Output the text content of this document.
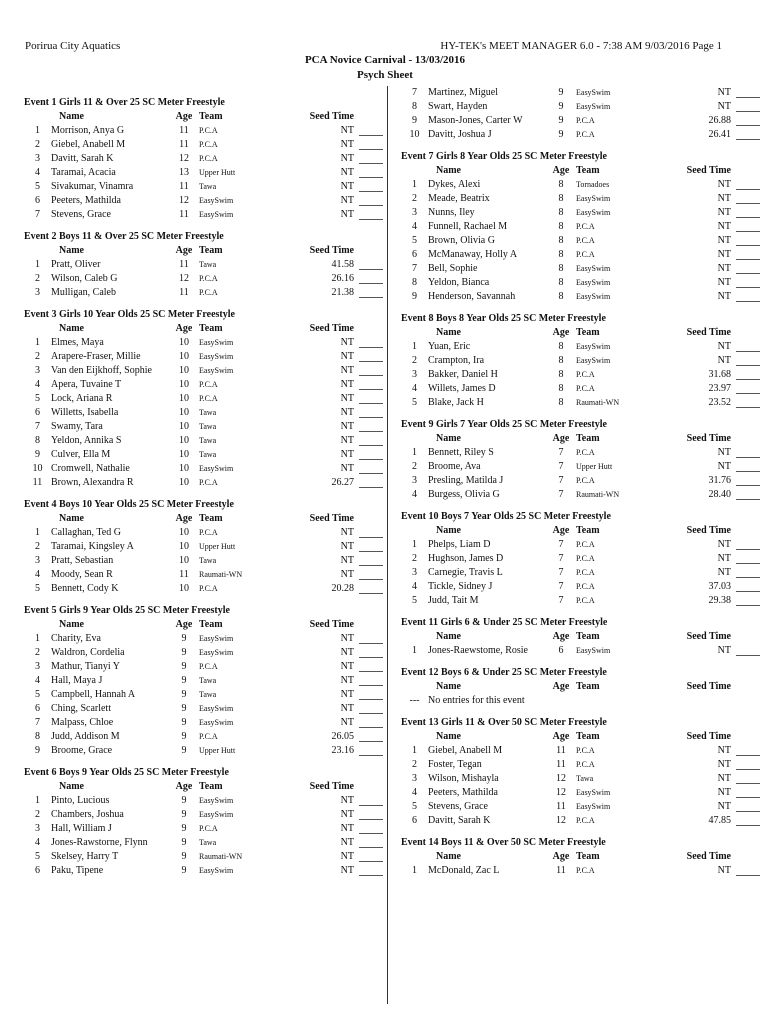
Porirua City Aquatics	HY-TEK's MEET MANAGER 6.0 - 7:38 AM 9/03/2016 Page 1
PCA Novice Carnival - 13/03/2016
Psych Sheet
Event 1 Girls 11 & Over 25 SC Meter Freestyle
Name	Age Team	Seed Time
1	Morrison, Anya G	11	P.C.A	NT
2	Giebel, Anabell M	11	P.C.A	NT
3	Davitt, Sarah K	12	P.C.A	NT
4	Taramai, Acacia	13	Upper Hutt	NT
5	Sivakumar, Vinamra	11	Tawa	NT
6	Peeters, Mathilda	12	EasySwim	NT
7	Stevens, Grace	11	EasySwim	NT
Event 2 Boys 11 & Over 25 SC Meter Freestyle
Name	Age Team	Seed Time
1	Pratt, Oliver	11	Tawa	41.58
2	Wilson, Caleb G	12	P.C.A	26.16
3	Mulligan, Caleb	11	P.C.A	21.38
Event 3 Girls 10 Year Olds 25 SC Meter Freestyle
Name	Age Team	Seed Time
1	Elmes, Maya	10	EasySwim	NT
2	Arapere-Fraser, Millie	10	EasySwim	NT
3	Van den Eijkhoff, Sophie	10	EasySwim	NT
4	Apera, Tuvaine T	10	P.C.A	NT
5	Lock, Ariana R	10	P.C.A	NT
6	Willetts, Isabella	10	Tawa	NT
7	Swamy, Tara	10	Tawa	NT
8	Yeldon, Annika S	10	Tawa	NT
9	Culver, Ella M	10	Tawa	NT
10 Cromwell, Nathalie	10	EasySwim	NT
11 Brown, Alexandra R	10	P.C.A	26.27
Event 4 Boys 10 Year Olds 25 SC Meter Freestyle
Name	Age Team	Seed Time
1	Callaghan, Ted G	10	P.C.A	NT
2	Taramai, Kingsley A	10	Upper Hutt	NT
3	Pratt, Sebastian	10	Tawa	NT
4	Moody, Sean R	11	Raumati-WN	NT
5	Bennett, Cody K	10	P.C.A	20.28
Event 5 Girls 9 Year Olds 25 SC Meter Freestyle
Name	Age Team	Seed Time
1	Charity, Eva	9	EasySwim	NT
2	Waldron, Cordelia	9	EasySwim	NT
3	Mathur, Tianyi Y	9	P.C.A	NT
4	Hall, Maya J	9	Tawa	NT
5	Campbell, Hannah A	9	Tawa	NT
6	Ching, Scarlett	9	EasySwim	NT
7	Malpass, Chloe	9	EasySwim	NT
8	Judd, Addison M	9	P.C.A	26.05
9	Broome, Grace	9	Upper Hutt	23.16
Event 6 Boys 9 Year Olds 25 SC Meter Freestyle
Name	Age Team	Seed Time
1	Pinto, Lucious	9	EasySwim	NT
2	Chambers, Joshua	9	EasySwim	NT
3	Hall, William J	9	P.C.A	NT
4	Jones-Rawstorne, Flynn	9	Tawa	NT
5	Skelsey, Harry T	9	Raumati-WN	NT
6	Paku, Tipene	9	EasySwim	NT
7	Martinez, Miguel	9	EasySwim	NT
8	Swart, Hayden	9	EasySwim	NT
9	Mason-Jones, Carter W	9	P.C.A	26.88
10 Davitt, Joshua J	9	P.C.A	26.41
Event 7 Girls 8 Year Olds 25 SC Meter Freestyle
Name	Age Team	Seed Time
1	Dykes, Alexi	8	Tornadoes	NT
2	Meade, Beatrix	8	EasySwim	NT
3	Nunns, Iley	8	EasySwim	NT
4	Funnell, Rachael M	8	P.C.A	NT
5	Brown, Olivia G	8	P.C.A	NT
6	McManaway, Holly A	8	P.C.A	NT
7	Bell, Sophie	8	EasySwim	NT
8	Yeldon, Bianca	8	EasySwim	NT
9	Henderson, Savannah	8	EasySwim	NT
Event 8 Boys 8 Year Olds 25 SC Meter Freestyle
Name	Age Team	Seed Time
1	Yuan, Eric	8	EasySwim	NT
2	Crampton, Ira	8	EasySwim	NT
3	Bakker, Daniel H	8	P.C.A	31.68
4	Willets, James D	8	P.C.A	23.97
5	Blake, Jack H	8	Raumati-WN	23.52
Event 9 Girls 7 Year Olds 25 SC Meter Freestyle
Name	Age Team	Seed Time
1	Bennett, Riley S	7	P.C.A	NT
2	Broome, Ava	7	Upper Hutt	NT
3	Presling, Matilda J	7	P.C.A	31.76
4	Burgess, Olivia G	7	Raumati-WN	28.40
Event 10 Boys 7 Year Olds 25 SC Meter Freestyle
Name	Age Team	Seed Time
1	Phelps, Liam D	7	P.C.A	NT
2	Hughson, James D	7	P.C.A	NT
3	Carnegie, Travis L	7	P.C.A	NT
4	Tickle, Sidney J	7	P.C.A	37.03
5	Judd, Tait M	7	P.C.A	29.38
Event 11 Girls 6 & Under 25 SC Meter Freestyle
Name	Age Team	Seed Time
1	Jones-Raewstome, Rosie	6	EasySwim	NT
Event 12 Boys 6 & Under 25 SC Meter Freestyle
Name	Age Team	Seed Time
--- No entries for this event
Event 13 Girls 11 & Over 50 SC Meter Freestyle
Name	Age Team	Seed Time
1	Giebel, Anabell M	11	P.C.A	NT
2	Foster, Tegan	11	P.C.A	NT
3	Wilson, Mishayla	12	Tawa	NT
4	Peeters, Mathilda	12	EasySwim	NT
5	Stevens, Grace	11	EasySwim	NT
6	Davitt, Sarah K	12	P.C.A	47.85
Event 14 Boys 11 & Over 50 SC Meter Freestyle
Name	Age Team	Seed Time
1	McDonald, Zac L	11	P.C.A	NT
